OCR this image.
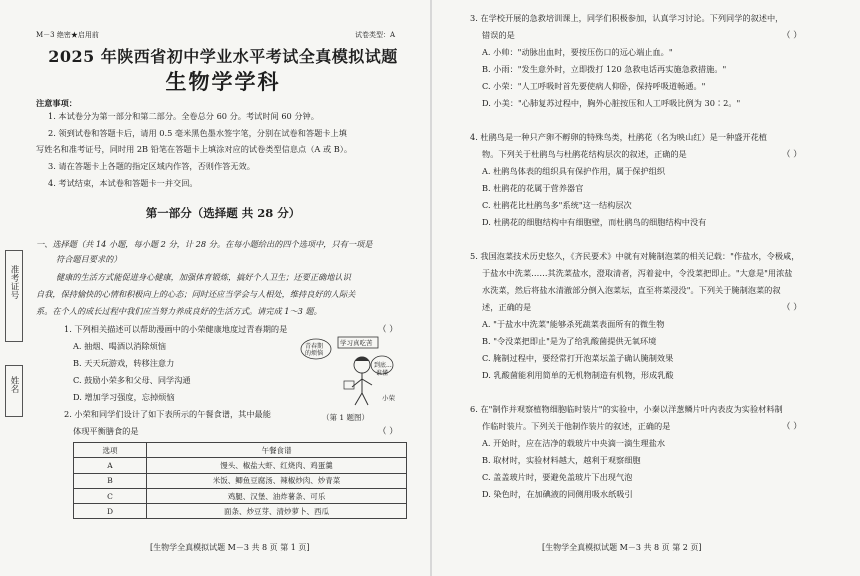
M－3 绝密★启用前	试卷类型：A
2025 年陕西省初中学业水平考试全真模拟试题
生物学学科
注意事项：
1. 本试卷分为第一部分和第二部分。全卷总分 60 分。考试时间 60 分钟。
2. 领到试卷和答题卡后，请用 0.5 毫米黑色墨水签字笔，分别在试卷和答题卡上填
写姓名和准考证号，同时用 2B 铅笔在答题卡上填涂对应的试卷类型信息点（A 或 B）。
3. 请在答题卡上各题的指定区域内作答，否则作答无效。
4. 考试结束，本试卷和答题卡一并交回。
第一部分（选择题 共 28 分）
一、选择题（共 14 小题，每小题 2 分，计 28 分。在每小题给出的四个选项中，只有一项是
符合题目要求的）
健康的生活方式能促进身心健康，加强体育锻炼，搞好个人卫生；还要正确地认识
自我，保持愉快的心情和积极向上的心态；同时还应当学会与人相处，维持良好的人际关
系。在个人的成长过程中我们应当努力养成良好的生活方式。请完成 1～3 题。
准考证号
姓名
1. 下列相关描述可以帮助漫画中的小荣健康地度过青春期的是	（ ）
A. 抽烟、喝酒以消除烦恼
B. 天天玩游戏，转移注意力
C. 鼓励小荣多和父母、同学沟通
D. 增加学习强度，忘掉烦恼
青春期的烦恼
学习真吃苦
到底...
谁懂
小荣
（第 1 题图）
2. 小荣和同学们设计了如下表所示的午餐食谱，其中最能
体现平衡膳食的是	（ ）
选项	午餐食谱
A	馒头、椒盐大虾、红烧肉、鸡蛋羹
B	米饭、鲫鱼豆腐汤、辣椒炒肉、炒青菜
C	鸡腿、汉堡、油炸薯条、可乐
D	面条、炒豆芽、清炒萝卜、西瓜
[生物学全真模拟试题 M－3 共 8 页 第 1 页]
3. 在学校开展的急救培训课上，同学们积极参加，认真学习讨论。下列同学的叙述中，
错误的是	（ ）
A. 小帅："动脉出血时，要按压伤口的远心端止血。"
B. 小雨："发生意外时，立即拨打 120 急救电话再实施急救措施。"
C. 小荣："人工呼吸时首先要使病人仰卧，保持呼吸道畅通。"
D. 小美："心肺复苏过程中，胸外心脏按压和人工呼吸比例为 30∶2。"
4. 杜鹃鸟是一种只产卵不孵卵的特殊鸟类，杜鹃花（名为映山红）是一种盛开花植
物。下列关于杜鹃鸟与杜鹃花结构层次的叙述，正确的是	（ ）
A. 杜鹃鸟体表的组织具有保护作用，属于保护组织
B. 杜鹃花的花属于营养器官
C. 杜鹃花比杜鹃鸟多"系统"这一结构层次
D. 杜鹃花的细胞结构中有细胞壁，而杜鹃鸟的细胞结构中没有
5. 我国泡菜技术历史悠久，《齐民要术》中就有对腌制泡菜的相关记载："作盐水，令极咸，
于盐水中洗菜……其洗菜盐水，澄取清者，泻着瓮中，令没菜把即止。"大意是"用浓盐
水洗菜，然后将盐水清澈部分倒入泡菜坛，直至将菜浸没"。下列关于腌制泡菜的叙
述，正确的是	（ ）
A. "于盐水中洗菜"能够杀死蔬菜表面所有的微生物
B. "令没菜把即止"是为了给乳酸菌提供无氧环境
C. 腌制过程中，要经常打开泡菜坛盖子确认腌制效果
D. 乳酸菌能利用简单的无机物制造有机物，形成乳酸
6. 在"制作并观察植物细胞临时装片"的实验中，小秦以洋葱鳞片叶内表皮为实验材料制
作临时装片。下列关于他制作装片的叙述，正确的是	（ ）
A. 开始时，应在洁净的载玻片中央滴一滴生理盐水
B. 取材时，实验材料越大，越利于观察细胞
C. 盖盖玻片时，要避免盖玻片下出现气泡
D. 染色时，在加碘液的同侧用吸水纸吸引
[生物学全真模拟试题 M－3 共 8 页 第 2 页]
